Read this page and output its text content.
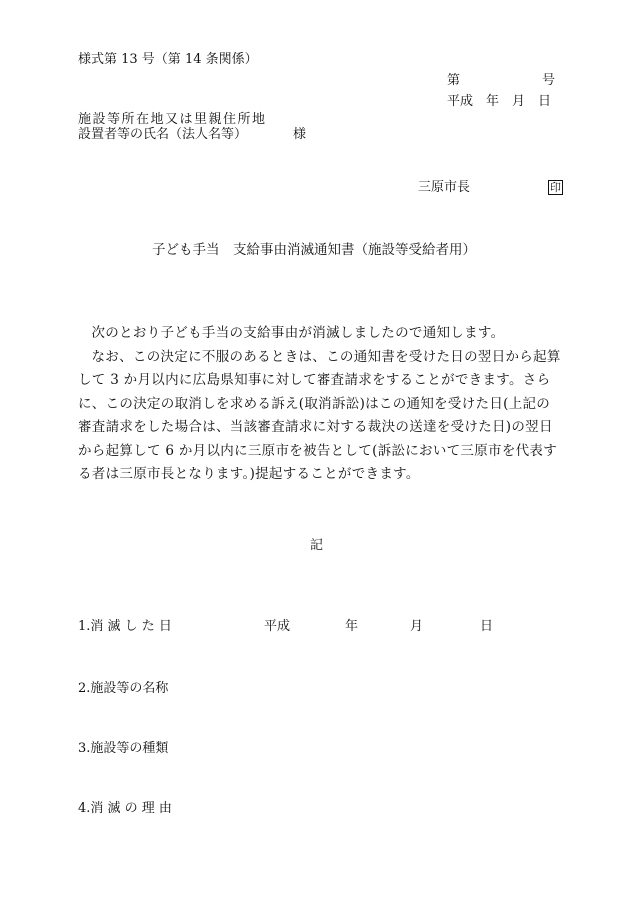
様式第 13 号（第 14 条関係）
第	号
平成　年　月　日
施設等所在地又は里親住所地
設置者等の氏名（法人名等）	様
三原市長	印
子ども手当　支給事由消滅通知書（施設等受給者用）

次のとおり子ども手当の支給事由が消滅しましたので通知します。

なお、この決定に不服のあるときは、この通知書を受けた日の翌日から起算して 3 か月以内に広島県知事に対して審査請求をすることができます。さらに、この決定の取消しを求める訴え(取消訴訟)はこの通知を受けた日(上記の審査請求をした場合は、当該審査請求に対する裁決の送達を受けた日)の翌日から起算して 6 か月以内に三原市を被告として(訴訟において三原市を代表する者は三原市長となります。)提起することができます。

記
1.消 滅 し た 日	平成	年	月	日
2.施設等の名称
3.施設等の種類
4.消 滅 の 理 由
